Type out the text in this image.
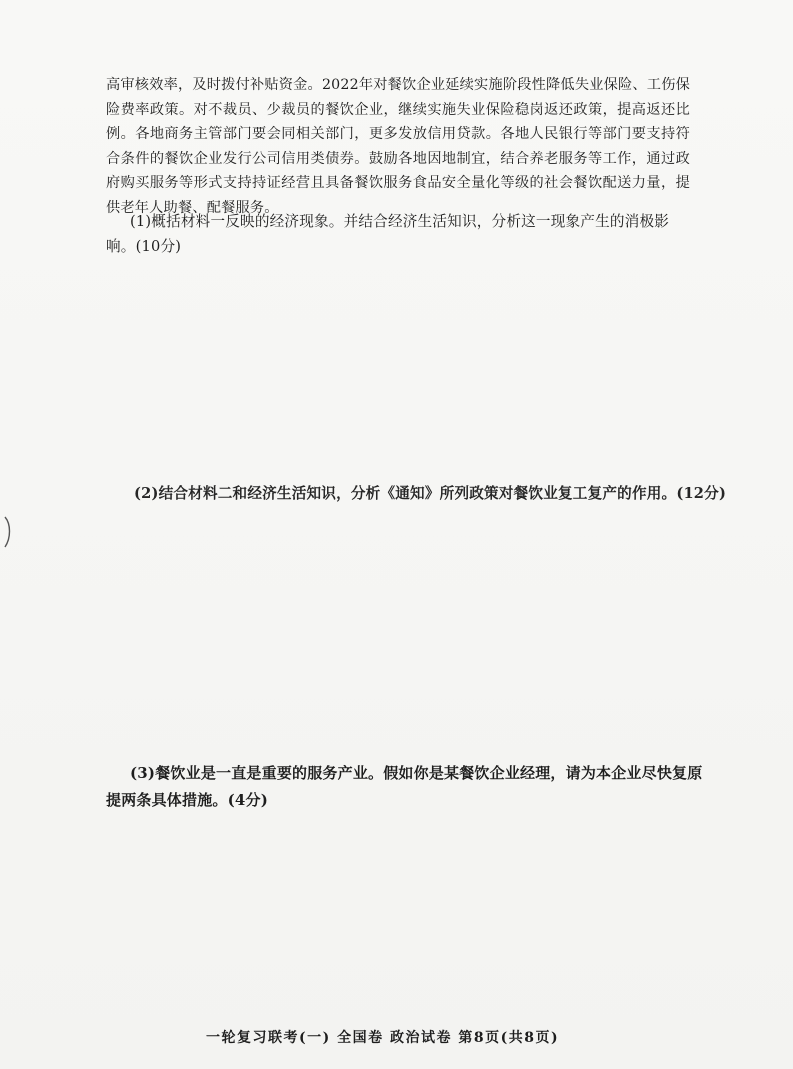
高审核效率，及时拨付补贴资金。2022年对餐饮企业延续实施阶段性降低失业保险、工伤保险费率政策。对不裁员、少裁员的餐饮企业，继续实施失业保险稳岗返还政策，提高返还比例。各地商务主管部门要会同相关部门，更多发放信用贷款。各地人民银行等部门要支持符合条件的餐饮企业发行公司信用类债券。鼓励各地因地制宜，结合养老服务等工作，通过政府购买服务等形式支持持证经营且具备餐饮服务食品安全量化等级的社会餐饮配送力量，提供老年人助餐、配餐服务。
(1)概括材料一反映的经济现象。并结合经济生活知识，分析这一现象产生的消极影响。(10分)
(2)结合材料二和经济生活知识，分析《通知》所列政策对餐饮业复工复产的作用。(12分)
(3)餐饮业是一直是重要的服务产业。假如你是某餐饮企业经理，请为本企业尽快复原提两条具体措施。(4分)
一轮复习联考(一) 全国卷 政治试卷 第8页(共8页)
